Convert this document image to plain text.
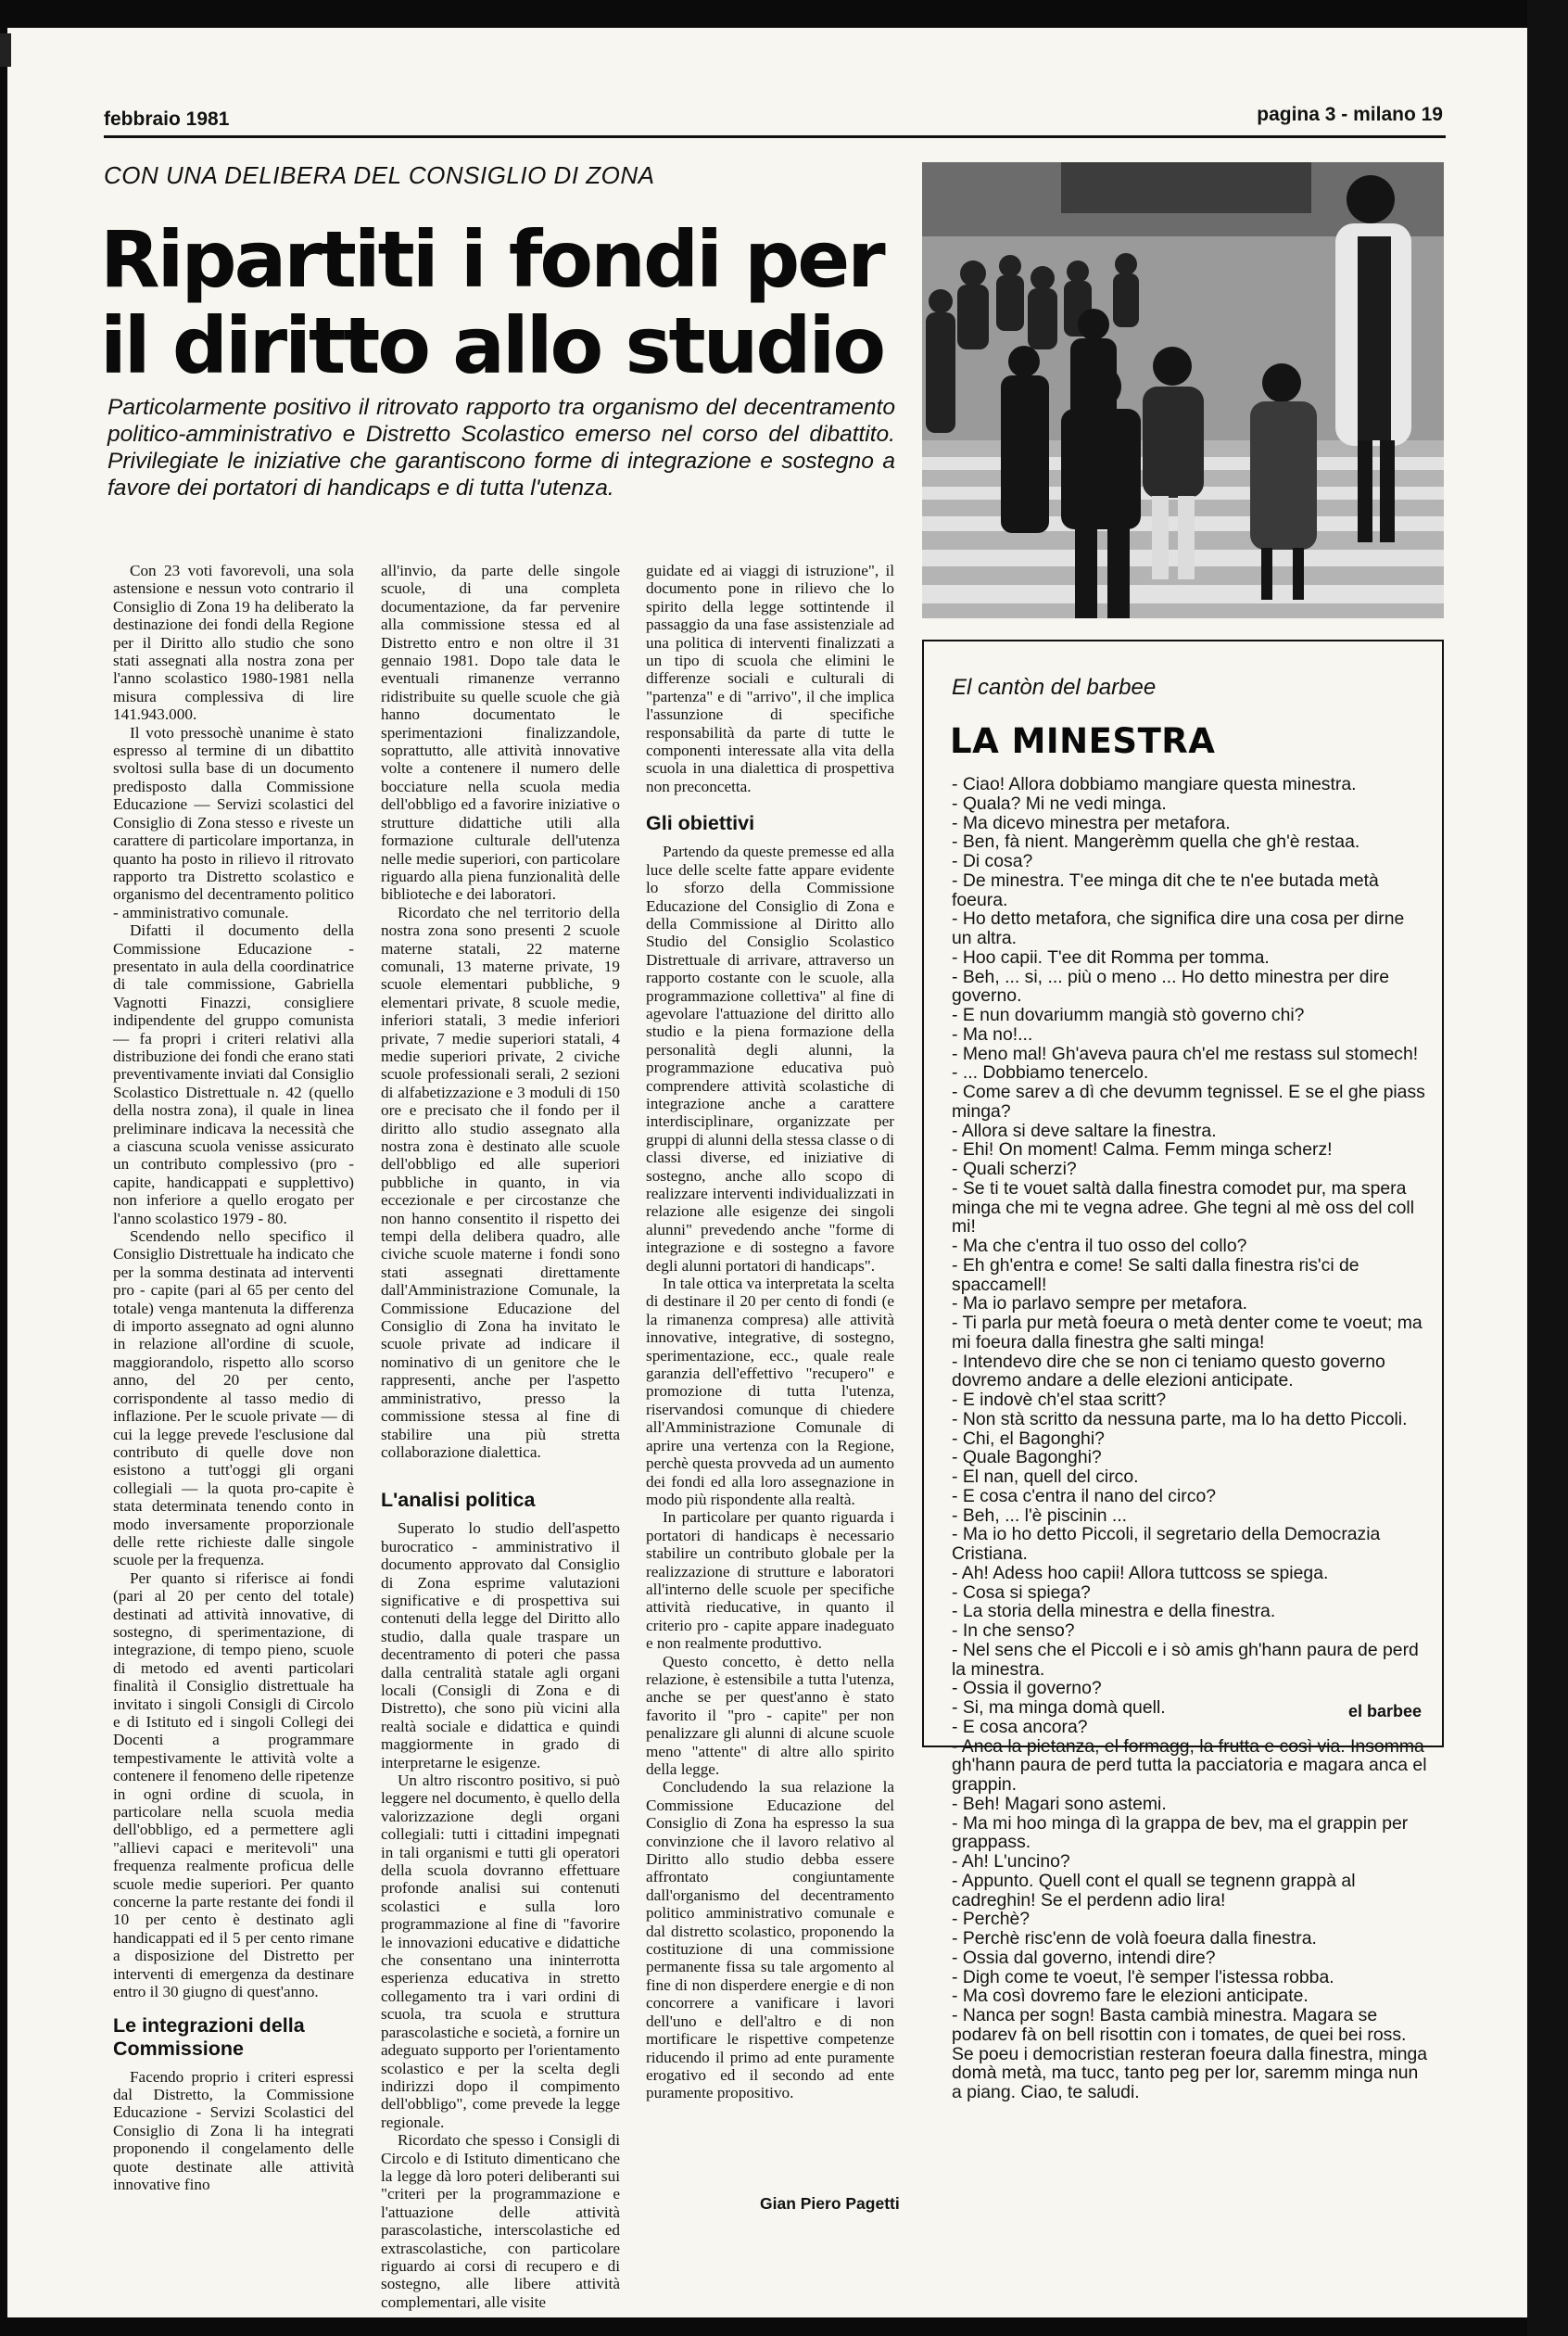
febbraio 1981	pagina 3 - milano 19
CON UNA DELIBERA DEL CONSIGLIO DI ZONA
Ripartiti i fondi per il diritto allo studio

Particolarmente positivo il ritrovato rapporto tra organismo del decentramento politico-amministrativo e Distretto Scolastico emerso nel corso del dibattito. Privilegiate le iniziative che garantiscono forme di integrazione e sostegno a favore dei portatori di handicaps e di tutta l'utenza.

Con 23 voti favorevoli, una sola astensione e nessun voto contrario il Consiglio di Zona 19 ha deliberato la destinazione dei fondi della Regione per il Diritto allo studio che sono stati assegnati alla nostra zona per l'anno scolastico 1980-1981 nella misura complessiva di lire 141.943.000.

Il voto pressochè unanime è stato espresso al termine di un dibattito svoltosi sulla base di un documento predisposto dalla Commissione Educazione — Servizi scolastici del Consiglio di Zona stesso e riveste un carattere di particolare importanza, in quanto ha posto in rilievo il ritrovato rapporto tra Distretto scolastico e organismo del decentramento politico - amministrativo comunale.

Difatti il documento della Commissione Educazione - presentato in aula della coordinatrice di tale commissione, Gabriella Vagnotti Finazzi, consigliere indipendente del gruppo comunista — fa propri i criteri relativi alla distribuzione dei fondi che erano stati preventivamente inviati dal Consiglio Scolastico Distrettuale n. 42 (quello della nostra zona), il quale in linea preliminare indicava la necessità che a ciascuna scuola venisse assicurato un contributo complessivo (pro - capite, handicappati e supplettivo) non inferiore a quello erogato per l'anno scolastico 1979 - 80.

Scendendo nello specifico il Consiglio Distrettuale ha indicato che per la somma destinata ad interventi pro - capite (pari al 65 per cento del totale) venga mantenuta la differenza di importo assegnato ad ogni alunno in relazione all'ordine di scuole, maggiorandolo, rispetto allo scorso anno, del 20 per cento, corrispondente al tasso medio di inflazione. Per le scuole private — di cui la legge prevede l'esclusione dal contributo di quelle dove non esistono a tutt'oggi gli organi collegiali — la quota pro-capite è stata determinata tenendo conto in modo inversamente proporzionale delle rette richieste dalle singole scuole per la frequenza.

Per quanto si riferisce ai fondi (pari al 20 per cento del totale) destinati ad attività innovative, di sostegno, di sperimentazione, di integrazione, di tempo pieno, scuole di metodo ed aventi particolari finalità il Consiglio distrettuale ha invitato i singoli Consigli di Circolo e di Istituto ed i singoli Collegi dei Docenti a programmare tempestivamente le attività volte a contenere il fenomeno delle ripetenze in ogni ordine di scuola, in particolare nella scuola media dell'obbligo, ed a permettere agli "allievi capaci e meritevoli" una frequenza realmente proficua delle scuole medie superiori. Per quanto concerne la parte restante dei fondi il 10 per cento è destinato agli handicappati ed il 5 per cento rimane a disposizione del Distretto per interventi di emergenza da destinare entro il 30 giugno di quest'anno.

Le integrazioni della Commissione

Facendo proprio i criteri espressi dal Distretto, la Commissione Educazione - Servizi Scolastici del Consiglio di Zona li ha integrati proponendo il congelamento delle quote destinate alle attività innovative fino

all'invio, da parte delle singole scuole, di una completa documentazione, da far pervenire alla commissione stessa ed al Distretto entro e non oltre il 31 gennaio 1981. Dopo tale data le eventuali rimanenze verranno ridistribuite su quelle scuole che già hanno documentato le sperimentazioni finalizzandole, soprattutto, alle attività innovative volte a contenere il numero delle bocciature nella scuola media dell'obbligo ed a favorire iniziative o strutture didattiche utili alla formazione culturale dell'utenza nelle medie superiori, con particolare riguardo alla piena funzionalità delle biblioteche e dei laboratori.

Ricordato che nel territorio della nostra zona sono presenti 2 scuole materne statali, 22 materne comunali, 13 materne private, 19 scuole elementari pubbliche, 9 elementari private, 8 scuole medie, inferiori statali, 3 medie inferiori private, 7 medie superiori statali, 4 medie superiori private, 2 civiche scuole professionali serali, 2 sezioni di alfabetizzazione e 3 moduli di 150 ore e precisato che il fondo per il diritto allo studio assegnato alla nostra zona è destinato alle scuole dell'obbligo ed alle superiori pubbliche in quanto, in via eccezionale e per circostanze che non hanno consentito il rispetto dei tempi della delibera quadro, alle civiche scuole materne i fondi sono stati assegnati direttamente dall'Amministrazione Comunale, la Commissione Educazione del Consiglio di Zona ha invitato le scuole private ad indicare il nominativo di un genitore che le rappresenti, anche per l'aspetto amministrativo, presso la commissione stessa al fine di stabilire una più stretta collaborazione dialettica.

L'analisi politica

Superato lo studio dell'aspetto burocratico - amministrativo il documento approvato dal Consiglio di Zona esprime valutazioni significative e di prospettiva sui contenuti della legge del Diritto allo studio, dalla quale traspare un decentramento di poteri che passa dalla centralità statale agli organi locali (Consigli di Zona e di Distretto), che sono più vicini alla realtà sociale e didattica e quindi maggiormente in grado di interpretarne le esigenze.

Un altro riscontro positivo, si può leggere nel documento, è quello della valorizzazione degli organi collegiali: tutti i cittadini impegnati in tali organismi e tutti gli operatori della scuola dovranno effettuare profonde analisi sui contenuti scolastici e sulla loro programmazione al fine di "favorire le innovazioni educative e didattiche che consentano una ininterrotta esperienza educativa in stretto collegamento tra i vari ordini di scuola, tra scuola e struttura parascolastiche e società, a fornire un adeguato supporto per l'orientamento scolastico e per la scelta degli indirizzi dopo il compimento dell'obbligo", come prevede la legge regionale.

Ricordato che spesso i Consigli di Circolo e di Istituto dimenticano che la legge dà loro poteri deliberanti sui "criteri per la programmazione e l'attuazione delle attività parascolastiche, interscolastiche ed extrascolastiche, con particolare riguardo ai corsi di recupero e di sostegno, alle libere attività complementari, alle visite

guidate ed ai viaggi di istruzione", il documento pone in rilievo che lo spirito della legge sottintende il passaggio da una fase assistenziale ad una politica di interventi finalizzati a un tipo di scuola che elimini le differenze sociali e culturali di "partenza" e di "arrivo", il che implica l'assunzione di specifiche responsabilità da parte di tutte le componenti interessate alla vita della scuola in una dialettica di prospettiva non preconcetta.

Gli obiettivi

Partendo da queste premesse ed alla luce delle scelte fatte appare evidente lo sforzo della Commissione Educazione del Consiglio di Zona e della Commissione al Diritto allo Studio del Consiglio Scolastico Distrettuale di arrivare, attraverso un rapporto costante con le scuole, alla programmazione collettiva" al fine di agevolare l'attuazione del diritto allo studio e la piena formazione della personalità degli alunni, la programmazione educativa può comprendere attività scolastiche di integrazione anche a carattere interdisciplinare, organizzate per gruppi di alunni della stessa classe o di classi diverse, ed iniziative di sostegno, anche allo scopo di realizzare interventi individualizzati in relazione alle esigenze dei singoli alunni" prevedendo anche "forme di integrazione e di sostegno a favore degli alunni portatori di handicaps".

In tale ottica va interpretata la scelta di destinare il 20 per cento di fondi (e la rimanenza compresa) alle attività innovative, integrative, di sostegno, sperimentazione, ecc., quale reale garanzia dell'effettivo "recupero" e promozione di tutta l'utenza, riservandosi comunque di chiedere all'Amministrazione Comunale di aprire una vertenza con la Regione, perchè questa provveda ad un aumento dei fondi ed alla loro assegnazione in modo più rispondente alla realtà.

In particolare per quanto riguarda i portatori di handicaps è necessario stabilire un contributo globale per la realizzazione di strutture e laboratori all'interno delle scuole per specifiche attività rieducative, in quanto il criterio pro - capite appare inadeguato e non realmente produttivo.

Questo concetto, è detto nella relazione, è estensibile a tutta l'utenza, anche se per quest'anno è stato favorito il "pro - capite" per non penalizzare gli alunni di alcune scuole meno "attente" di altre allo spirito della legge.

Concludendo la sua relazione la Commissione Educazione del Consiglio di Zona ha espresso la sua convinzione che il lavoro relativo al Diritto allo studio debba essere affrontato congiuntamente dall'organismo del decentramento politico amministrativo comunale e dal distretto scolastico, proponendo la costituzione di una commissione permanente fissa su tale argomento al fine di non disperdere energie e di non concorrere a vanificare i lavori dell'uno e dell'altro e di non mortificare le rispettive competenze riducendo il primo ad ente puramente erogativo ed il secondo ad ente puramente propositivo.

Gian Piero Pagetti
El cantòn del barbee
LA MINESTRA

- Ciao! Allora dobbiamo mangiare questa minestra.
- Quala? Mi ne vedi minga.
- Ma dicevo minestra per metafora.
- Ben, fà nient. Mangerèmm quella che gh'è restaa.
- Di cosa?
- De minestra. T'ee minga dit che te n'ee butada metà foeura.
- Ho detto metafora, che significa dire una cosa per dirne un altra.
- Hoo capii. T'ee dit Romma per tomma.
- Beh, ... si, ... più o meno ... Ho detto minestra per dire governo.
- E nun dovariumm mangià stò governo chi?
- Ma no!...
- Meno mal! Gh'aveva paura ch'el me restass sul stomech!
- ... Dobbiamo tenercelo.
- Come sarev a dì che devumm tegnissel. E se el ghe piass minga?
- Allora si deve saltare la finestra.
- Ehi! On moment! Calma. Femm minga scherz!
- Quali scherzi?
- Se ti te vouet saltà dalla finestra comodet pur, ma spera minga che mi te vegna adree. Ghe tegni al mè oss del coll mi!
- Ma che c'entra il tuo osso del collo?
- Eh gh'entra e come! Se salti dalla finestra ris'ci de spaccamell!
- Ma io parlavo sempre per metafora.
- Ti parla pur metà foeura o metà denter come te voeut; ma mi foeura dalla finestra ghe salti minga!
- Intendevo dire che se non ci teniamo questo governo dovremo andare a delle elezioni anticipate.
- E indovè ch'el staa scritt?
- Non stà scritto da nessuna parte, ma lo ha detto Piccoli.
- Chi, el Bagonghi?
- Quale Bagonghi?
- El nan, quell del circo.
- E cosa c'entra il nano del circo?
- Beh, ... l'è piscinin ...
- Ma io ho detto Piccoli, il segretario della Democrazia Cristiana.
- Ah! Adess hoo capii! Allora tuttcoss se spiega.
- Cosa si spiega?
- La storia della minestra e della finestra.
- In che senso?
- Nel sens che el Piccoli e i sò amis gh'hann paura de perd la minestra.
- Ossia il governo?
- Si, ma minga domà quell.
- E cosa ancora?
- Anca la pietanza, el formagg, la frutta e così via. Insomma gh'hann paura de perd tutta la pacciatoria e magara anca el grappin.
- Beh! Magari sono astemi.
- Ma mi hoo minga dì la grappa de bev, ma el grappin per grappass.
- Ah! L'uncino?
- Appunto. Quell cont el quall se tegnenn grappà al cadreghin! Se el perdenn adio lira!
- Perchè?
- Perchè risc'enn de volà foeura dalla finestra.
- Ossia dal governo, intendi dire?
- Digh come te voeut, l'è semper l'istessa robba.
- Ma così dovremo fare le elezioni anticipate.
- Nanca per sogn! Basta cambià minestra. Magara se podarev fà on bell risottin con i tomates, de quei bei ross. Se poeu i democristian resteran foeura dalla finestra, minga domà metà, ma tucc, tanto peg per lor, saremm minga nun a piang. Ciao, te saludi.

el barbee
